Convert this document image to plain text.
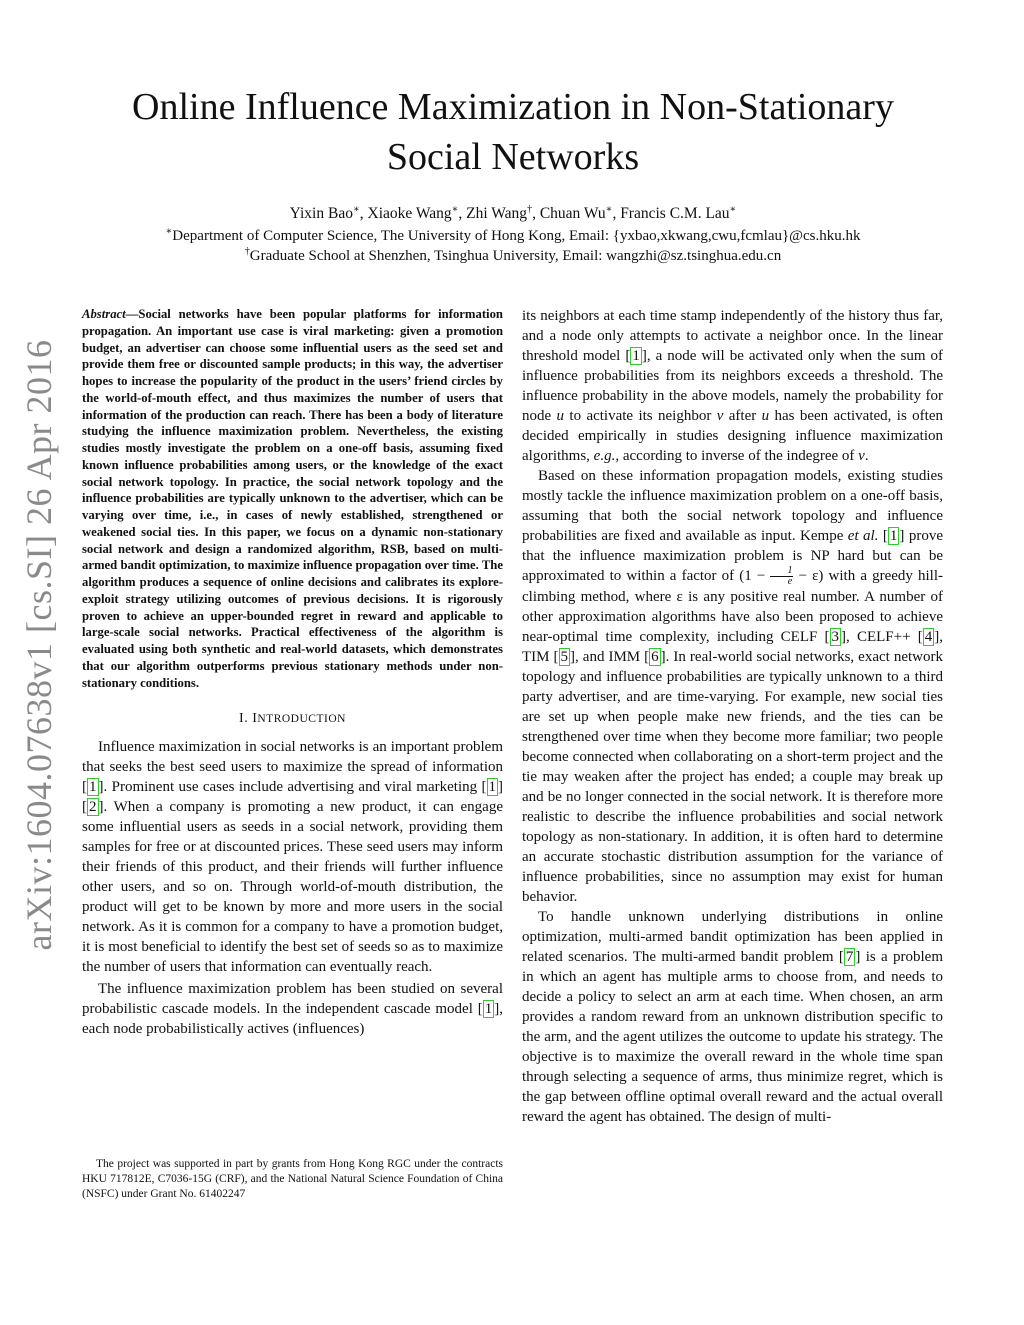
arXiv:1604.07638v1 [cs.SI] 26 Apr 2016
Online Influence Maximization in Non-Stationary
Social Networks
Yixin Bao∗, Xiaoke Wang∗, Zhi Wang†, Chuan Wu∗, Francis C.M. Lau∗
∗Department of Computer Science, The University of Hong Kong, Email: {yxbao,xkwang,cwu,fcmlau}@cs.hku.hk
†Graduate School at Shenzhen, Tsinghua University, Email: wangzhi@sz.tsinghua.edu.cn

Abstract—Social networks have been popular platforms for information propagation. An important use case is viral marketing: given a promotion budget, an advertiser can choose some influential users as the seed set and provide them free or discounted sample products; in this way, the advertiser hopes to increase the popularity of the product in the users’ friend circles by the world-of-mouth effect, and thus maximizes the number of users that information of the production can reach. There has been a body of literature studying the influence maximization problem. Nevertheless, the existing studies mostly investigate the problem on a one-off basis, assuming fixed known influence probabilities among users, or the knowledge of the exact social network topology. In practice, the social network topology and the influence probabilities are typically unknown to the advertiser, which can be varying over time, i.e., in cases of newly established, strengthened or weakened social ties. In this paper, we focus on a dynamic non-stationary social network and design a randomized algorithm, RSB, based on multi-armed bandit optimization, to maximize influence propagation over time. The algorithm produces a sequence of online decisions and calibrates its explore-exploit strategy utilizing outcomes of previous decisions. It is rigorously proven to achieve an upper-bounded regret in reward and applicable to large-scale social networks. Practical effectiveness of the algorithm is evaluated using both synthetic and real-world datasets, which demonstrates that our algorithm outperforms previous stationary methods under non-stationary conditions.

I. INTRODUCTION

Influence maximization in social networks is an important problem that seeks the best seed users to maximize the spread of information [ 1 ]. Prominent use cases include advertising and viral marketing [ 1 ][ 2 ]. When a company is promoting a new product, it can engage some influential users as seeds in a social network, providing them samples for free or at discounted prices. These seed users may inform their friends of this product, and their friends will further influence other users, and so on. Through world-of-mouth distribution, the product will get to be known by more and more users in the social network. As it is common for a company to have a promotion budget, it is most beneficial to identify the best set of seeds so as to maximize the number of users that information can eventually reach.

The influence maximization problem has been studied on several probabilistic cascade models. In the independent cascade model [ 1 ], each node probabilistically actives (influences)

The project was supported in part by grants from Hong Kong RGC under the contracts HKU 717812E, C7036-15G (CRF), and the National Natural Science Foundation of China (NSFC) under Grant No. 61402247

its neighbors at each time stamp independently of the history thus far, and a node only attempts to activate a neighbor once. In the linear threshold model [ 1 ], a node will be activated only when the sum of influence probabilities from its neighbors exceeds a threshold. The influence probability in the above models, namely the probability for node u to activate its neighbor v after u has been activated, is often decided empirically in studies designing influence maximization algorithms, e.g., according to inverse of the indegree of v.

Based on these information propagation models, existing studies mostly tackle the influence maximization problem on a one-off basis, assuming that both the social network topology and influence probabilities are fixed and available as input. Kempe et al. [ 1 ] prove that the influence maximization problem is NP hard but can be approximated to within a factor of $(1 - \frac{1}{e} - \varepsilon)$ with a greedy hill-climbing method, where ε is any positive real number. A number of other approximation algorithms have also been proposed to achieve near-optimal time complexity, including CELF [ 3 ], CELF++ [ 4 ], TIM [ 5 ], and IMM [ 6 ]. In real-world social networks, exact network topology and influence probabilities are typically unknown to a third party advertiser, and are time-varying. For example, new social ties are set up when people make new friends, and the ties can be strengthened over time when they become more familiar; two people become connected when collaborating on a short-term project and the tie may weaken after the project has ended; a couple may break up and be no longer connected in the social network. It is therefore more realistic to describe the influence probabilities and social network topology as non-stationary. In addition, it is often hard to determine an accurate stochastic distribution assumption for the variance of influence probabilities, since no assumption may exist for human behavior.

To handle unknown underlying distributions in online optimization, multi-armed bandit optimization has been applied in related scenarios. The multi-armed bandit problem [ 7 ] is a problem in which an agent has multiple arms to choose from, and needs to decide a policy to select an arm at each time. When chosen, an arm provides a random reward from an unknown distribution specific to the arm, and the agent utilizes the outcome to update his strategy. The objective is to maximize the overall reward in the whole time span through selecting a sequence of arms, thus minimize regret, which is the gap between offline optimal overall reward and the actual overall reward the agent has obtained. The design of multi-
